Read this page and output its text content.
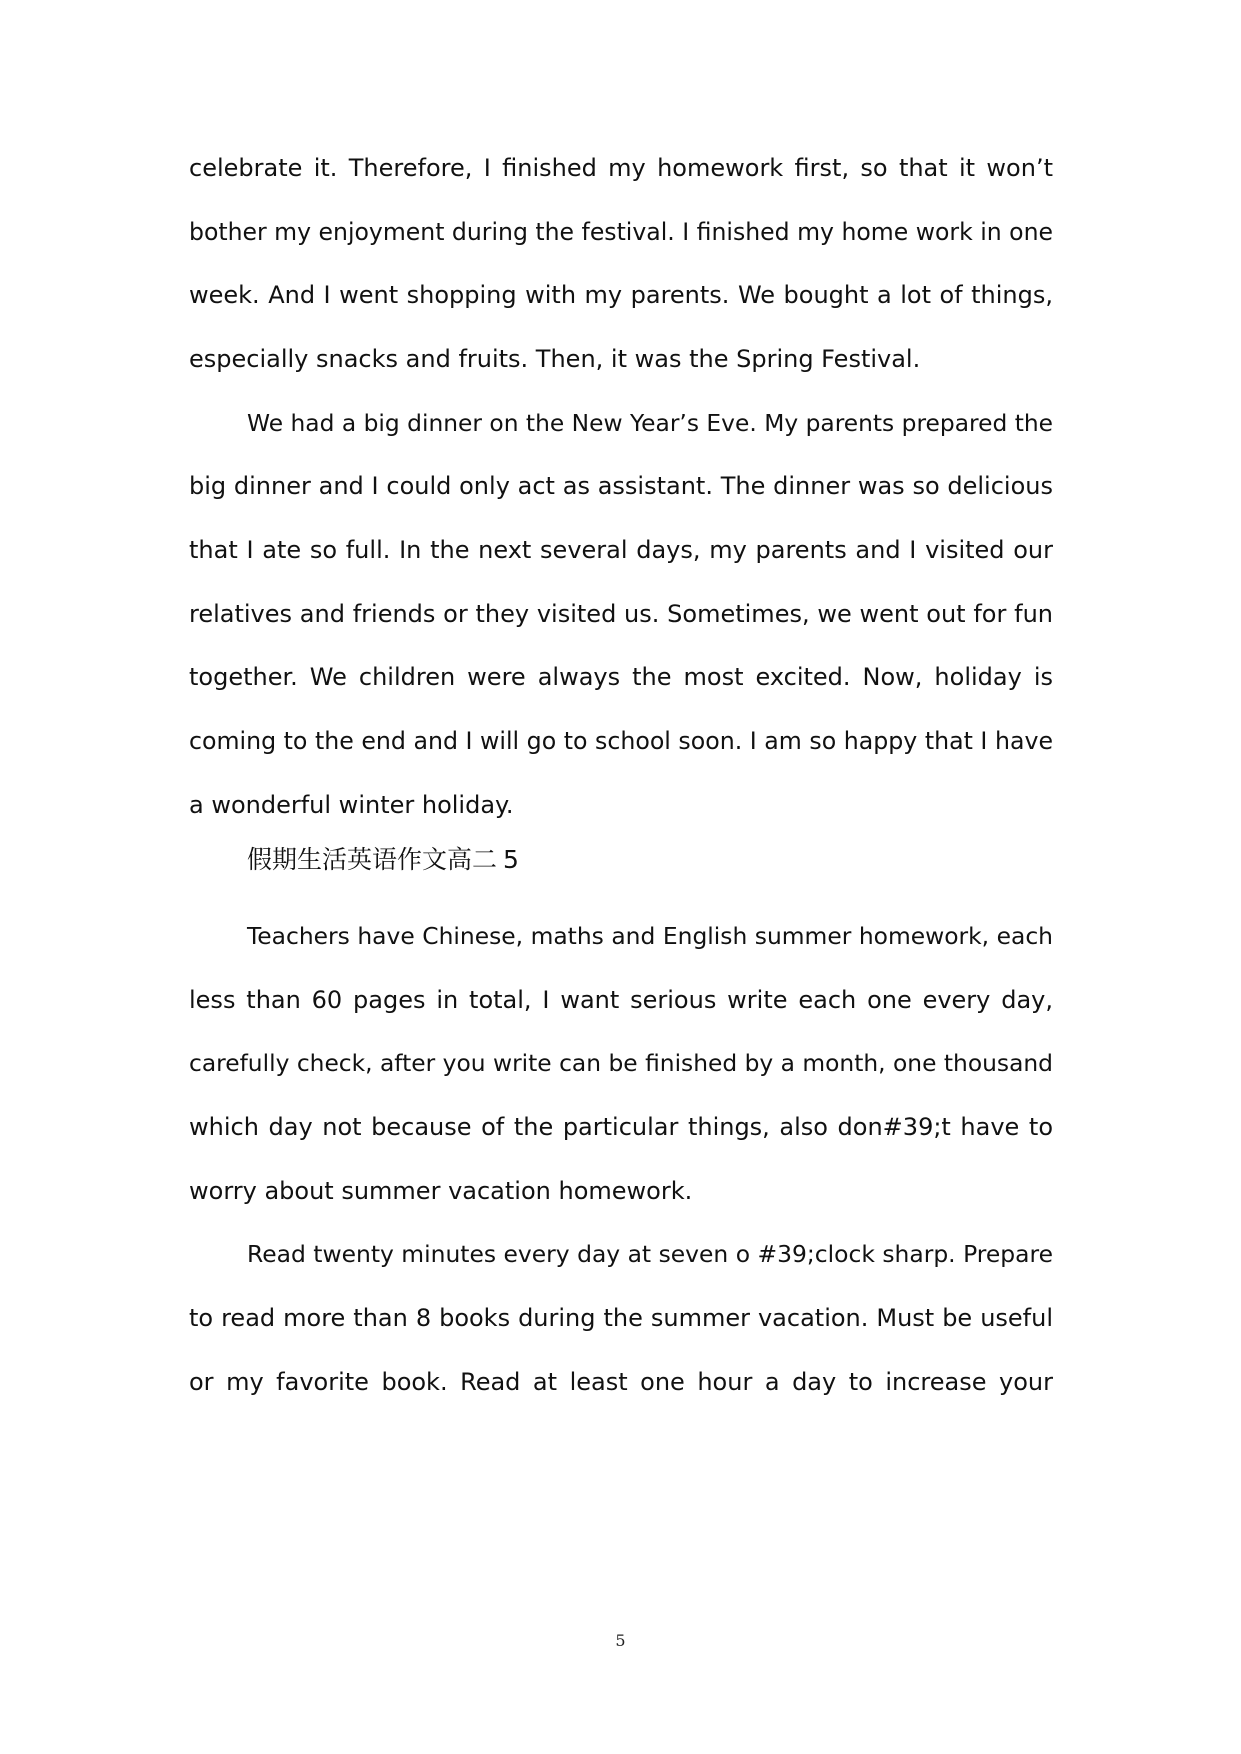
celebrate it. Therefore, I finished my homework first, so that it won’t
bother my enjoyment during the festival. I finished my home work in one
week. And I went shopping with my parents. We bought a lot of things,
especially snacks and fruits. Then, it was the Spring Festival.
We had a big dinner on the New Year’s Eve. My parents prepared the
big dinner and I could only act as assistant. The dinner was so delicious
that I ate so full. In the next several days, my parents and I visited our
relatives and friends or they visited us. Sometimes, we went out for fun
together. We children were always the most excited. Now, holiday is
coming to the end and I will go to school soon. I am so happy that I have
a wonderful winter holiday.
假期生活英语作文高二 5
Teachers have Chinese, maths and English summer homework, each
less than 60 pages in total, I want serious write each one every day,
carefully check, after you write can be finished by a month, one thousand
which day not because of the particular things, also don#39;t have to
worry about summer vacation homework.
Read twenty minutes every day at seven o #39;clock sharp. Prepare
to read more than 8 books during the summer vacation. Must be useful
or my favorite book. Read at least one hour a day to increase your
5
